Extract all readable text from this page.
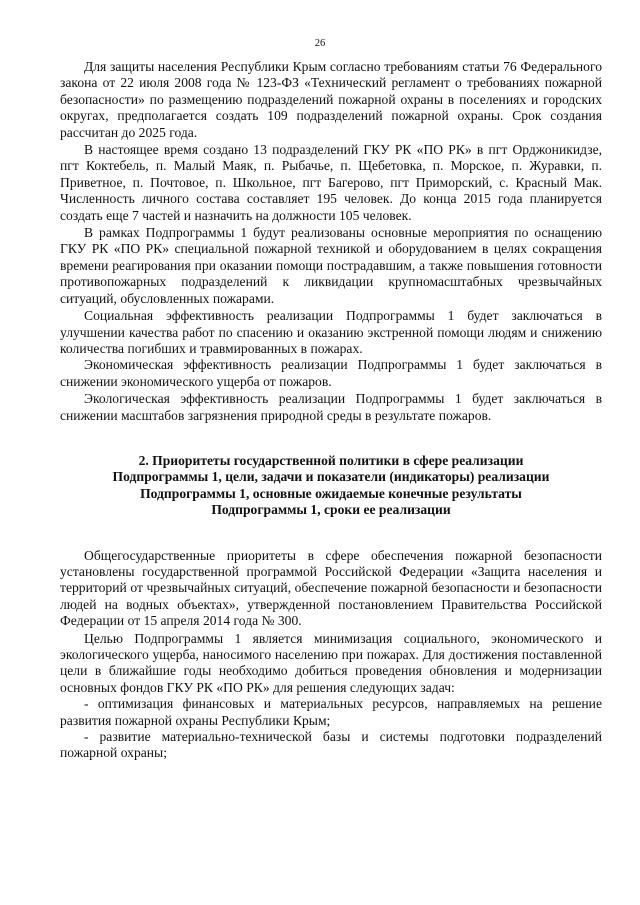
26

Для защиты населения Республики Крым согласно требованиям статьи 76 Федерального закона от 22 июля 2008 года № 123-ФЗ «Технический регламент о требованиях пожарной безопасности» по размещению подразделений пожарной охраны в поселениях и городских округах, предполагается создать 109 подразделений пожарной охраны. Срок создания рассчитан до 2025 года.

В настоящее время создано 13 подразделений ГКУ РК «ПО РК» в пгт Орджоникидзе, пгт Коктебель, п. Малый Маяк, п. Рыбачье, п. Щебетовка, п. Морское, п. Журавки, п. Приветное, п. Почтовое, п. Школьное, пгт Багерово, пгт Приморский, с. Красный Мак. Численность личного состава составляет 195 человек. До конца 2015 года планируется создать еще 7 частей и назначить на должности 105 человек.

В рамках Подпрограммы 1 будут реализованы основные мероприятия по оснащению ГКУ РК «ПО РК» специальной пожарной техникой и оборудованием в целях сокращения времени реагирования при оказании помощи пострадавшим, а также повышения готовности противопожарных подразделений к ликвидации крупномасштабных чрезвычайных ситуаций, обусловленных пожарами.

Социальная эффективность реализации Подпрограммы 1 будет заключаться в улучшении качества работ по спасению и оказанию экстренной помощи людям и снижению количества погибших и травмированных в пожарах.

Экономическая эффективность реализации Подпрограммы 1 будет заключаться в снижении экономического ущерба от пожаров.

Экологическая эффективность реализации Подпрограммы 1 будет заключаться в снижении масштабов загрязнения природной среды в результате пожаров.

2. Приоритеты государственной политики в сфере реализации
Подпрограммы 1, цели, задачи и показатели (индикаторы) реализации
Подпрограммы 1, основные ожидаемые конечные результаты
Подпрограммы 1, сроки ее реализации

Общегосударственные приоритеты в сфере обеспечения пожарной безопасности установлены государственной программой Российской Федерации «Защита населения и территорий от чрезвычайных ситуаций, обеспечение пожарной безопасности и безопасности людей на водных объектах», утвержденной постановлением Правительства Российской Федерации от 15 апреля 2014 года № 300.

Целью Подпрограммы 1 является минимизация социального, экономического и экологического ущерба, наносимого населению при пожарах. Для достижения поставленной цели в ближайшие годы необходимо добиться проведения обновления и модернизации основных фондов ГКУ РК «ПО РК» для решения следующих задач:

- оптимизация финансовых и материальных ресурсов, направляемых на решение развития пожарной охраны Республики Крым;

- развитие материально-технической базы и системы подготовки подразделений пожарной охраны;
